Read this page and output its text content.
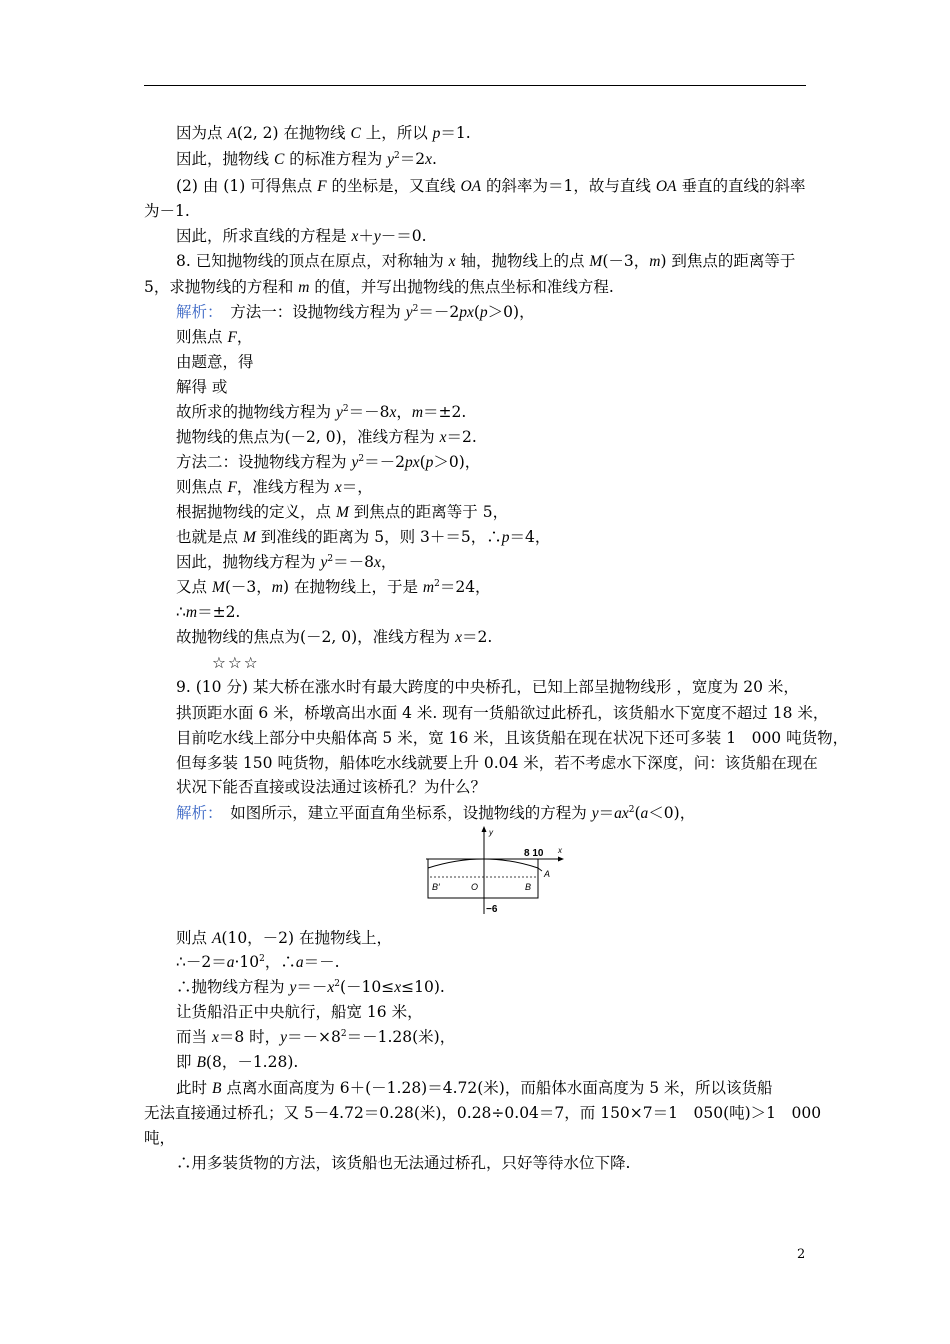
因为点 A(2, 2) 在抛物线 C 上，所以 p＝1.
因此，抛物线 C 的标准方程为 $y^2=2x$.
(2) 由 (1) 可得焦点 F 的坐标是，又直线 OA 的斜率为＝1，故与直线 OA 垂直的直线的斜率
为－1.
因此，所求直线的方程是 x＋y－＝0.
8. 已知抛物线的顶点在原点，对称轴为 x 轴，抛物线上的点 M(－3，m) 到焦点的距离等于
5，求抛物线的方程和 m 的值，并写出抛物线的焦点坐标和准线方程.
解析：　方法一：设抛物线方程为 $y^2=-2px(p>0)$，
则焦点 F，
由题意，得
解得 或
故所求的抛物线方程为 $y^2=-8x$，m＝±2.
抛物线的焦点为(－2, 0)，准线方程为 x＝2.
方法二：设抛物线方程为 $y^2=-2px(p>0)$，
则焦点 F，准线方程为 x＝，
根据抛物线的定义，点 M 到焦点的距离等于 5，
也就是点 M 到准线的距离为 5，则 3＋＝5，∴p＝4，
因此，抛物线方程为 $y^2=-8x$，
又点 M(－3，m) 在抛物线上，于是 $m^2=24$，
∴m＝±2.
故抛物线的焦点为(－2, 0)，准线方程为 x＝2.
☆☆☆
9. (10 分) 某大桥在涨水时有最大跨度的中央桥孔，已知上部呈抛物线形 ，宽度为 20 米，
拱顶距水面 6 米，桥墩高出水面 4 米. 现有一货船欲过此桥孔，该货船水下宽度不超过 18 米，
目前吃水线上部分中央船体高 5 米，宽 16 米，且该货船在现在状况下还可多装 1　000 吨货物，
但每多装 150 吨货物，船体吃水线就要上升 0.04 米，若不考虑水下深度，问：该货船在现在
状况下能否直接或设法通过该桥孔？为什么？
解析：　如图所示，建立平面直角坐标系，设抛物线的方程为 $y=ax^2(a<0)$，
则点 A(10，－2) 在抛物线上，
$\therefore-2=a\cdot 10^2$，∴a＝－.
∴抛物线方程为 $y=-x^2(-10\le x\le 10)$.
让货船沿正中央航行，船宽 16 米，
而当 x＝8 时，$y=-\times 8^2=-1.28$(米)，
即 B(8，－1.28).
此时 B 点离水面高度为 6＋(－1.28)＝4.72(米)，而船体水面高度为 5 米，所以该货船
无法直接通过桥孔；又 5－4.72＝0.28(米)，0.28÷0.04＝7，而 150×7＝1　050(吨)＞1　000
吨，
∴用多装货物的方法，该货船也无法通过桥孔，只好等待水位下降.
y
x
8 10
B′	O	B
A
−6
2
